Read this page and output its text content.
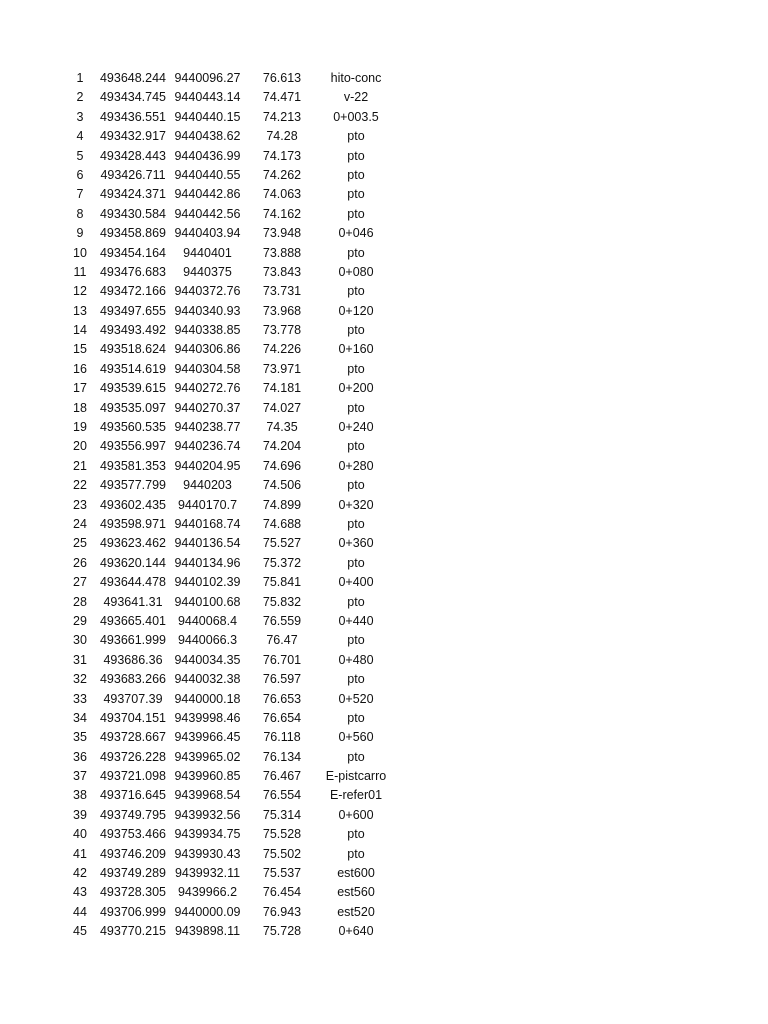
1	493648.244 9440096.27	76.613	hito-conc
2	493434.745 9440443.14	74.471	v-22
3	493436.551 9440440.15	74.213	0+003.5
4	493432.917 9440438.62	74.28	pto
5	493428.443 9440436.99	74.173	pto
6	493426.711 9440440.55	74.262	pto
7	493424.371 9440442.86	74.063	pto
8	493430.584 9440442.56	74.162	pto
9	493458.869 9440403.94	73.948	0+046
10	493454.164	9440401	73.888	pto
11	493476.683	9440375	73.843	0+080
12	493472.166 9440372.76	73.731	pto
13	493497.655 9440340.93	73.968	0+120
14	493493.492 9440338.85	73.778	pto
15	493518.624 9440306.86	74.226	0+160
16	493514.619 9440304.58	73.971	pto
17	493539.615 9440272.76	74.181	0+200
18	493535.097 9440270.37	74.027	pto
19	493560.535 9440238.77	74.35	0+240
20	493556.997 9440236.74	74.204	pto
21	493581.353 9440204.95	74.696	0+280
22	493577.799	9440203	74.506	pto
23	493602.435 9440170.7	74.899	0+320
24	493598.971 9440168.74	74.688	pto
25	493623.462 9440136.54	75.527	0+360
26	493620.144 9440134.96	75.372	pto
27	493644.478 9440102.39	75.841	0+400
28	493641.31 9440100.68	75.832	pto
29	493665.401 9440068.4	76.559	0+440
30	493661.999 9440066.3	76.47	pto
31	493686.36 9440034.35	76.701	0+480
32	493683.266 9440032.38	76.597	pto
33	493707.39 9440000.18	76.653	0+520
34	493704.151 9439998.46	76.654	pto
35	493728.667 9439966.45	76.118	0+560
36	493726.228 9439965.02	76.134	pto
37	493721.098 9439960.85	76.467	E-pistcarro
38	493716.645 9439968.54	76.554	E-refer01
39	493749.795 9439932.56	75.314	0+600
40	493753.466 9439934.75	75.528	pto
41	493746.209 9439930.43	75.502	pto
42	493749.289 9439932.11	75.537	est600
43	493728.305 9439966.2	76.454	est560
44	493706.999 9440000.09	76.943	est520
45	493770.215 9439898.11	75.728	0+640
